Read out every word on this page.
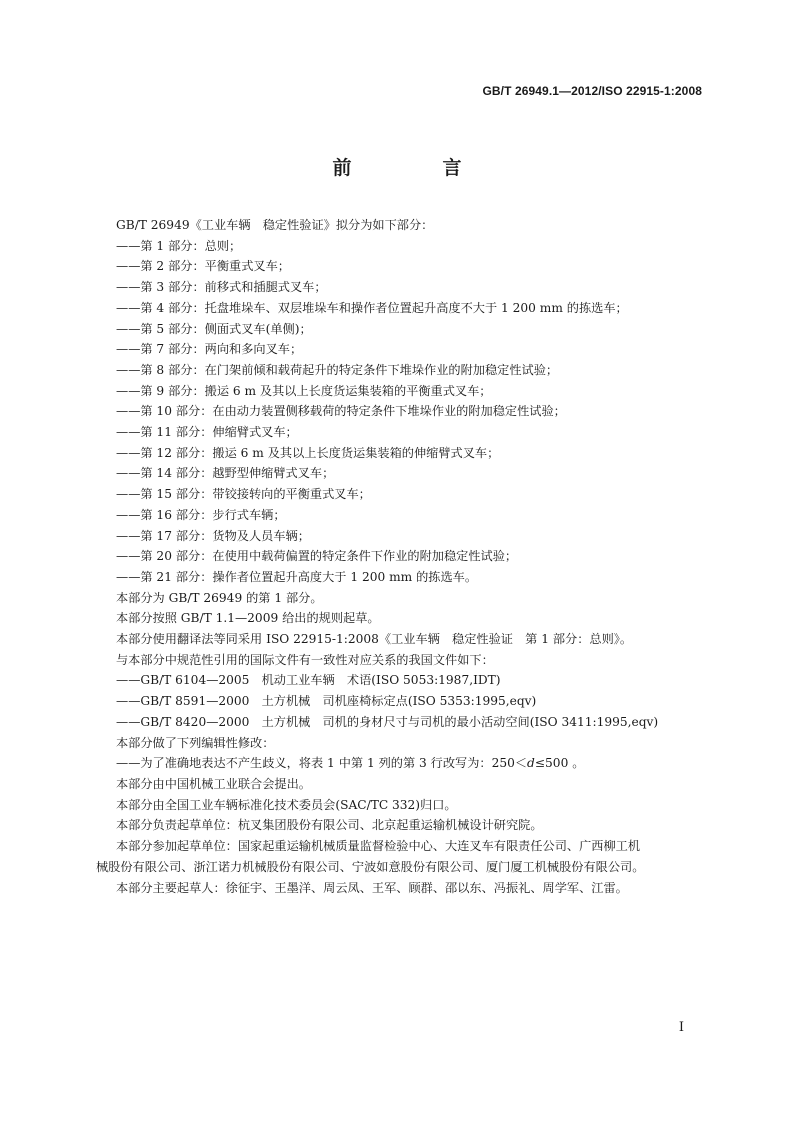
GB/T 26949.1—2012/ISO 22915-1:2008
前　言
GB/T 26949《工业车辆　稳定性验证》拟分为如下部分：
——第 1 部分：总则；
——第 2 部分：平衡重式叉车；
——第 3 部分：前移式和插腿式叉车；
——第 4 部分：托盘堆垛车、双层堆垛车和操作者位置起升高度不大于 1 200 mm 的拣选车；
——第 5 部分：侧面式叉车(单侧)；
——第 7 部分：两向和多向叉车；
——第 8 部分：在门架前倾和载荷起升的特定条件下堆垛作业的附加稳定性试验；
——第 9 部分：搬运 6 m 及其以上长度货运集装箱的平衡重式叉车；
——第 10 部分：在由动力装置侧移载荷的特定条件下堆垛作业的附加稳定性试验；
——第 11 部分：伸缩臂式叉车；
——第 12 部分：搬运 6 m 及其以上长度货运集装箱的伸缩臂式叉车；
——第 14 部分：越野型伸缩臂式叉车；
——第 15 部分：带铰接转向的平衡重式叉车；
——第 16 部分：步行式车辆；
——第 17 部分：货物及人员车辆；
——第 20 部分：在使用中载荷偏置的特定条件下作业的附加稳定性试验；
——第 21 部分：操作者位置起升高度大于 1 200 mm 的拣选车。
本部分为 GB/T 26949 的第 1 部分。
本部分按照 GB/T 1.1—2009 给出的规则起草。
本部分使用翻译法等同采用 ISO 22915-1:2008《工业车辆　稳定性验证　第 1 部分：总则》。
与本部分中规范性引用的国际文件有一致性对应关系的我国文件如下：
——GB/T 6104—2005　机动工业车辆　术语(ISO 5053:1987,IDT)
——GB/T 8591—2000　土方机械　司机座椅标定点(ISO 5353:1995,eqv)
——GB/T 8420—2000　土方机械　司机的身材尺寸与司机的最小活动空间(ISO 3411:1995,eqv)
本部分做了下列编辑性修改：
——为了准确地表达不产生歧义，将表 1 中第 1 列的第 3 行改写为：250＜d≤500 。
本部分由中国机械工业联合会提出。
本部分由全国工业车辆标准化技术委员会(SAC/TC 332)归口。
本部分负责起草单位：杭叉集团股份有限公司、北京起重运输机械设计研究院。
本部分参加起草单位：国家起重运输机械质量监督检验中心、大连叉车有限责任公司、广西柳工机
械股份有限公司、浙江诺力机械股份有限公司、宁波如意股份有限公司、厦门厦工机械股份有限公司。
本部分主要起草人：徐征宇、王墨洋、周云凤、王军、顾群、邵以东、冯振礼、周学军、江雷。
I
